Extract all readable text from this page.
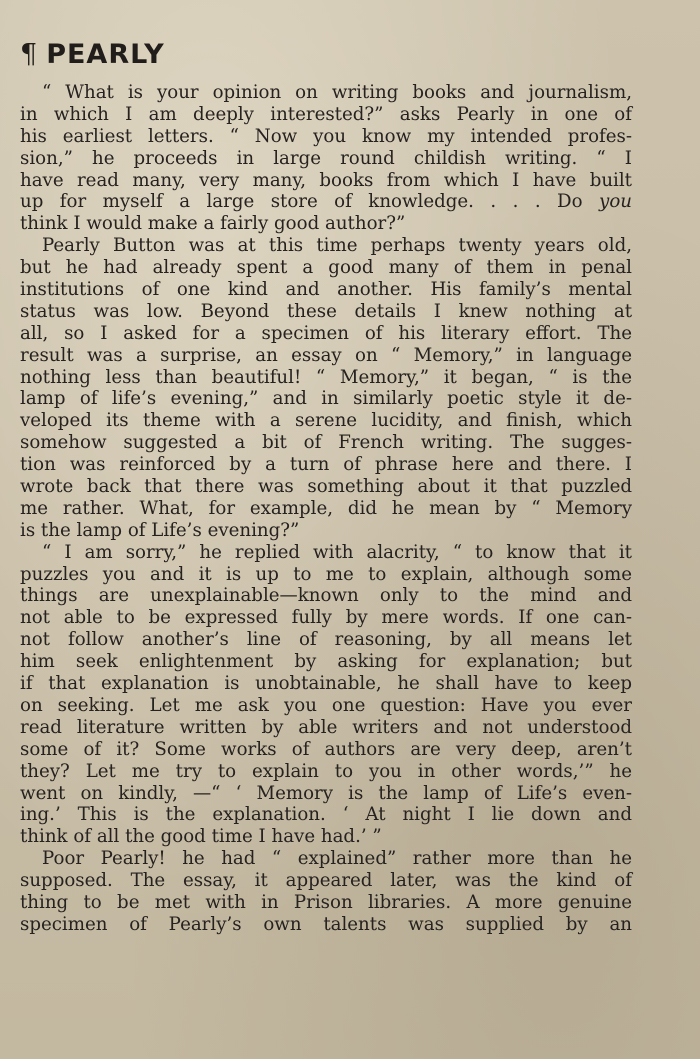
¶ PEARLY
“ What is your opinion on writing books and journalism,
in which I am deeply interested?” asks Pearly in one of
his earliest letters. “ Now you know my intended profes-
sion,” he proceeds in large round childish writing. “ I
have read many, very many, books from which I have built
up for myself a large store of knowledge. . . . Do you
think I would make a fairly good author?”
Pearly Button was at this time perhaps twenty years old,
but he had already spent a good many of them in penal
institutions of one kind and another. His family’s mental
status was low. Beyond these details I knew nothing at
all, so I asked for a specimen of his literary effort. The
result was a surprise, an essay on “ Memory,” in language
nothing less than beautiful! “ Memory,” it began, “ is the
lamp of life’s evening,” and in similarly poetic style it de-
veloped its theme with a serene lucidity, and finish, which
somehow suggested a bit of French writing. The sugges-
tion was reinforced by a turn of phrase here and there. I
wrote back that there was something about it that puzzled
me rather. What, for example, did he mean by “ Memory
is the lamp of Life’s evening?”
“ I am sorry,” he replied with alacrity, “ to know that it
puzzles you and it is up to me to explain, although some
things are unexplainable—known only to the mind and
not able to be expressed fully by mere words. If one can-
not follow another’s line of reasoning, by all means let
him seek enlightenment by asking for explanation; but
if that explanation is unobtainable, he shall have to keep
on seeking. Let me ask you one question: Have you ever
read literature written by able writers and not understood
some of it? Some works of authors are very deep, aren’t
they? Let me try to explain to you in other words,’” he
went on kindly, —“ ‘ Memory is the lamp of Life’s even-
ing.’ This is the explanation. ‘ At night I lie down and
think of all the good time I have had.’ ”
Poor Pearly! he had “ explained” rather more than he
supposed. The essay, it appeared later, was the kind of
thing to be met with in Prison libraries. A more genuine
specimen of Pearly’s own talents was supplied by an
